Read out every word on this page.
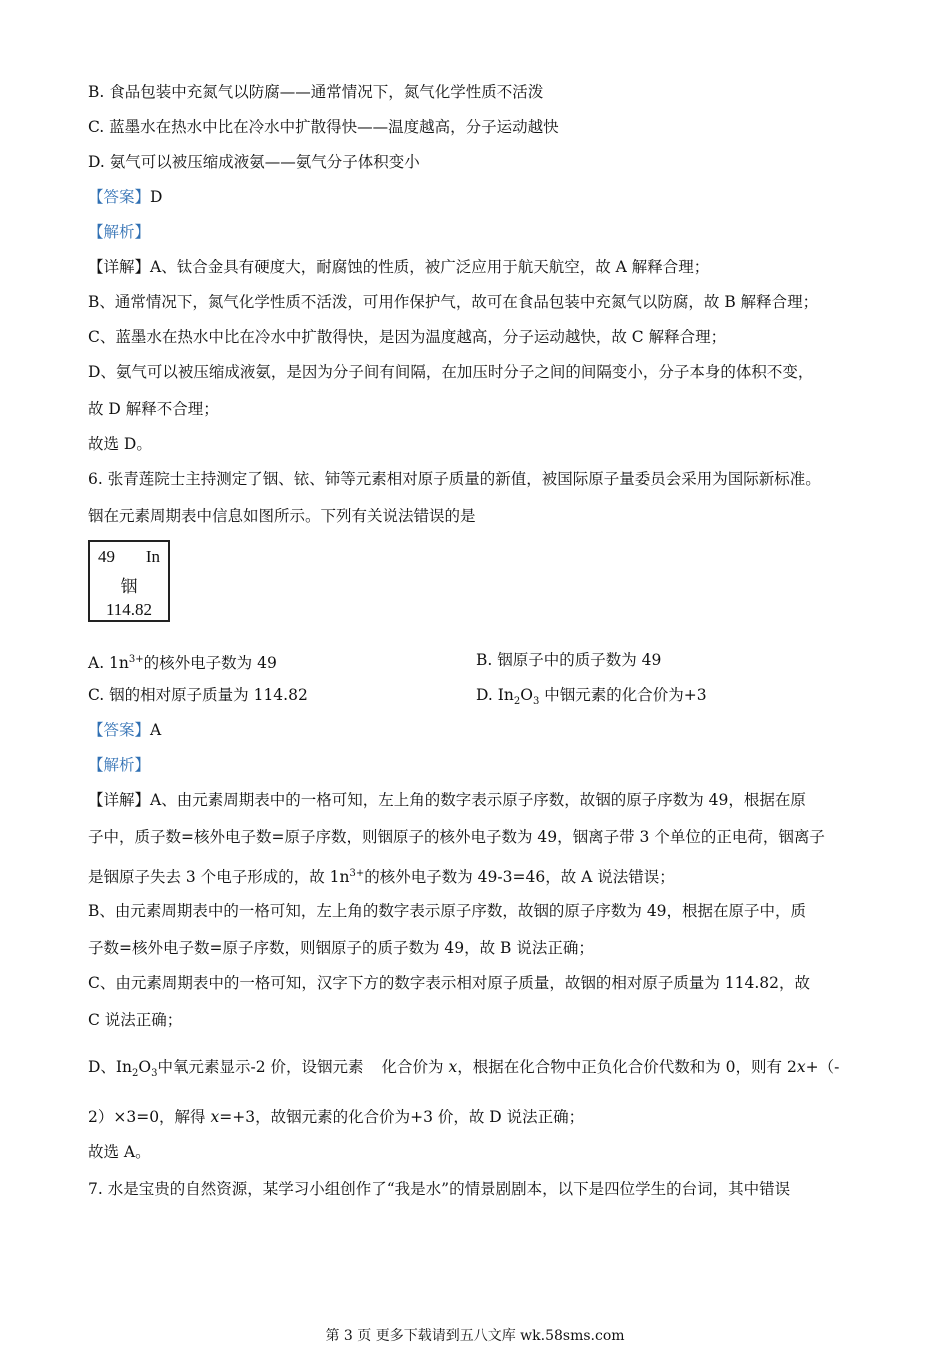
B. 食品包装中充氮气以防腐——通常情况下，氮气化学性质不活泼
C. 蓝墨水在热水中比在冷水中扩散得快——温度越高，分子运动越快
D. 氨气可以被压缩成液氨——氨气分子体积变小
【答案】D
【解析】
【详解】A、钛合金具有硬度大，耐腐蚀的性质，被广泛应用于航天航空，故 A 解释合理；
B、通常情况下，氮气化学性质不活泼，可用作保护气，故可在食品包装中充氮气以防腐，故 B 解释合理；
C、蓝墨水在热水中比在冷水中扩散得快，是因为温度越高，分子运动越快，故 C 解释合理；
D、氨气可以被压缩成液氨，是因为分子间有间隔，在加压时分子之间的间隔变小，分子本身的体积不变，
故 D 解释不合理；
故选 D。
6. 张青莲院士主持测定了铟、铱、铈等元素相对原子质量的新值，被国际原子量委员会采用为国际新标准。
铟在元素周期表中信息如图所示。下列有关说法错误的是
49 In
铟
114.82
A. $1n^{3+}$的核外电子数为 49	B. 铟原子中的质子数为 49
C. 铟的相对原子质量为 114.82	D. $In_2O_3$ 中铟元素的化合价为+3
【答案】A
【解析】
【详解】A、由元素周期表中的一格可知，左上角的数字表示原子序数，故铟的原子序数为 49，根据在原
子中，质子数=核外电子数=原子序数，则铟原子的核外电子数为 49，铟离子带 3 个单位的正电荷，铟离子
是铟原子失去 3 个电子形成的，故 $1n^{3+}$的核外电子数为 49-3=46，故 A 说法错误；
B、由元素周期表中的一格可知，左上角的数字表示原子序数，故铟的原子序数为 49，根据在原子中，质
子数=核外电子数=原子序数，则铟原子的质子数为 49，故 B 说法正确；
C、由元素周期表中的一格可知，汉字下方的数字表示相对原子质量，故铟的相对原子质量为 114.82，故
C 说法正确；
D、$In_2O_3$中氧元素显示-2 价，设铟元素 化合价为 x，根据在化合物中正负化合价代数和为 0，则有 2x+（-
2）×3=0，解得 x=+3，故铟元素的化合价为+3 价，故 D 说法正确；
故选 A。
7. 水是宝贵的自然资源，某学习小组创作了“我是水”的情景剧剧本，以下是四位学生的台词，其中错误
第 3 页 更多下载请到五八文库 wk.58sms.com
